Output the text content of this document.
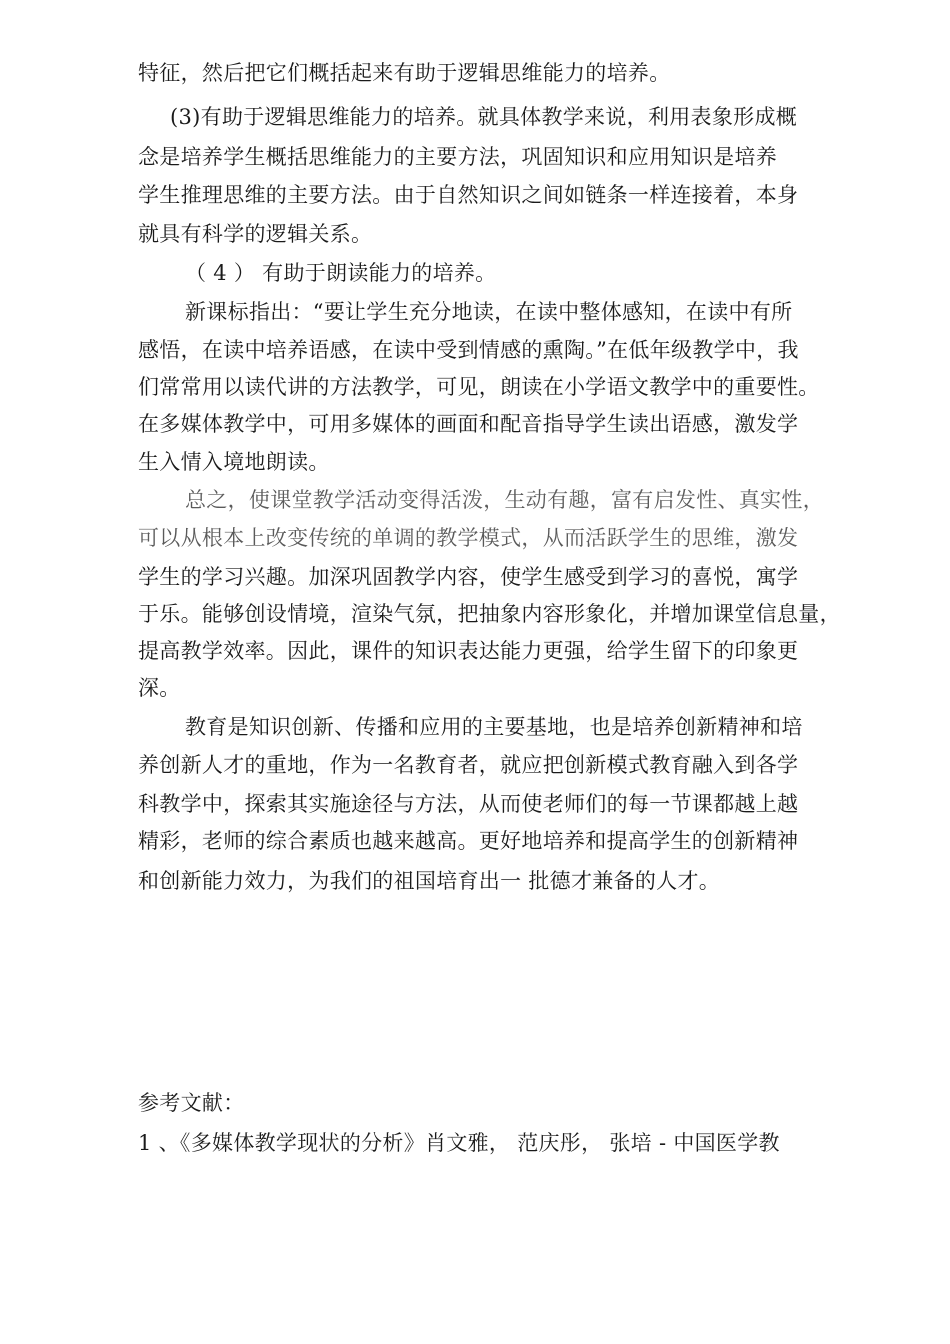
特征，然后把它们概括起来有助于逻辑思维能力的培养。
(3)有助于逻辑思维能力的培养。就具体教学来说，利用表象形成概
念是培养学生概括思维能力的主要方法，巩固知识和应用知识是培养
学生推理思维的主要方法。由于自然知识之间如链条一样连接着，本身
就具有科学的逻辑关系。
（ 4 ） 有助于朗读能力的培养。
新课标指出：“要让学生充分地读，在读中整体感知，在读中有所
感悟，在读中培养语感，在读中受到情感的熏陶。”在低年级教学中，我
们常常用以读代讲的方法教学，可见，朗读在小学语文教学中的重要性。
在多媒体教学中，可用多媒体的画面和配音指导学生读出语感，激发学
生入情入境地朗读。
总之，使课堂教学活动变得活泼，生动有趣，富有启发性、真实性，
可以从根本上改变传统的单调的教学模式，从而活跃学生的思维，激发
学生的学习兴趣。加深巩固教学内容，使学生感受到学习的喜悦，寓学
于乐。能够创设情境，渲染气氛，把抽象内容形象化，并增加课堂信息量，
提高教学效率。因此，课件的知识表达能力更强，给学生留下的印象更
深。
教育是知识创新、传播和应用的主要基地，也是培养创新精神和培
养创新人才的重地，作为一名教育者，就应把创新模式教育融入到各学
科教学中，探索其实施途径与方法，从而使老师们的每一节课都越上越
精彩，老师的综合素质也越来越高。更好地培养和提高学生的创新精神
和创新能力效力，为我们的祖国培育出一 批德才兼备的人才。
参考文献：
1 、《多媒体教学现状的分析》肖文雅， 范庆彤， 张培 - 中国医学教
